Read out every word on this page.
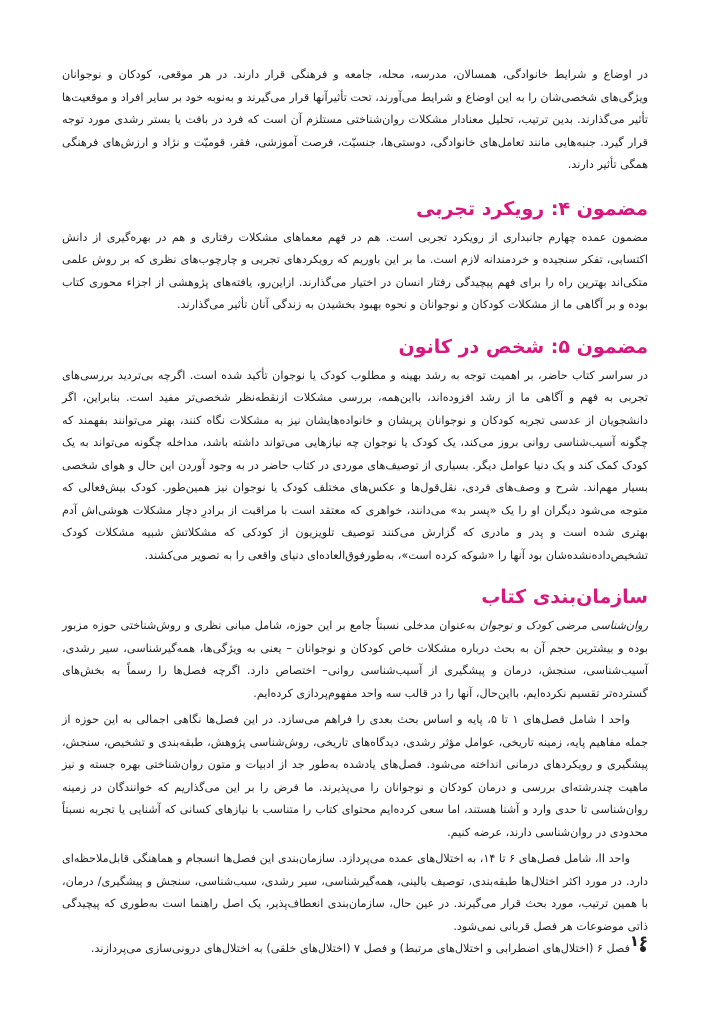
در اوضاع و شرایط خانوادگی، همسالان، مدرسه، محله، جامعه و فرهنگی قرار دارند. در هر موقعی، کودکان و نوجوانان ویژگی‌های شخصی‌شان را به این اوضاع و شرایط می‌آورند، تحت تأثیرآنها قرار می‌گیرند و به‌نوبه خود بر سایر افراد و موقعیت‌ها تأثیر می‌گذارند. بدین ترتیب، تحلیل معنادار مشکلات روان‌شناختی مستلزم آن است که فرد در بافت یا بستر رشدی مورد توجه قرار گیرد. جنبه‌هایی مانند تعامل‌های خانوادگی، دوستی‌ها، جنسیّت، فرصت آموزشی، فقر، قومیّت و نژاد و ارزش‌های فرهنگی همگی تأثیر دارند.

مضمون ۴: رویکرد تجربی

مضمون عمده چهارم جانبداری از رویکرد تجربی است. هم در فهم معماهای مشکلات رفتاری و هم در بهره‌گیری از دانش اکتسابی، تفکر سنجیده و خردمندانه لازم است. ما بر این باوریم که رویکردهای تجربی و چارچوب‌های نظری که بر روش علمی متکی‌اند بهترین راه را برای فهم پیچیدگی رفتار انسان در اختیار می‌گذارند. ازاین‌رو، یافته‌های پژوهشی از اجزاء محوری کتاب بوده و بر آگاهی ما از مشکلات کودکان و نوجوانان و نحوه بهبود بخشیدن به زندگی آنان تأثیر می‌گذارند.

مضمون ۵: شخص در کانون

در سراسر کتاب حاضر، بر اهمیت توجه به رشد بهینه و مطلوب کودک یا نوجوان تأکید شده است. اگرچه بی‌تردید بررسی‌های تجربی به فهم و آگاهی ما از رشد افزوده‌اند، بااین‌همه، بررسی مشکلات ازنقطه‌نظر شخصی‌تر مفید است. بنابراین، اگر دانشجویان از عدسی تجربه کودکان و نوجوانان پریشان و خانواده‌هایشان نیز به مشکلات نگاه کنند، بهتر می‌توانند بفهمند که چگونه آسیب‌شناسی روانی بروز می‌کند، یک کودک یا نوجوان چه نیازهایی می‌تواند داشته باشد، مداخله چگونه می‌تواند به یک کودک کمک کند و یک دنیا عوامل دیگر. بسیاری از توصیف‌های موردی در کتاب حاضر در به وجود آوردن این حال و هوای شخصی بسیار مهم‌اند. شرح و وصف‌های فردی، نقل‌قول‌ها و عکس‌های مختلف کودک یا نوجوان نیز همین‌طور. کودک بیش‌فعالی که متوجه می‌شود دیگران او را یک «پسر بد» می‌دانند، خواهری که معتقد است با مراقبت از برادرِ دچار مشکلات هوشی‌اش آدم بهتری شده است و پدر و مادری که گزارش می‌کنند توصیف تلویزیون از کودکی که مشکلاتش شبیه مشکلات کودک تشخیص‌داده‌نشده‌شان بود آنها را «شوکه کرده است»، به‌طورفوق‌العاده‌ای دنیای واقعی را به تصویر می‌کشند.

سازمان‌بندی کتاب

روان‌شناسی مرضی کودک و نوجوان به‌عنوان مدخلی نسبتاً جامع بر این حوزه، شامل مبانی نظری و روش‌شناختی حوزه مزبور بوده و بیشترین حجم آن به بحث درباره مشکلات خاص کودکان و نوجوانان – یعنی به ویژگی‌ها، همه‌گیرشناسی، سیر رشدی، آسیب‌شناسی، سنجش، درمان و پیشگیری از آسیب‌شناسی روانی– اختصاص دارد. اگرچه فصل‌ها را رسماً به بخش‌های گسترده‌تر تقسیم نکرده‌ایم، بااین‌حال، آنها را در قالب سه واحد مفهوم‌پردازی کرده‌ایم.

واحد I شامل فصل‌های ۱ تا ۵، پایه و اساس بحث بعدی را فراهم می‌سازد. در این فصل‌ها نگاهی اجمالی به این حوزه از جمله مفاهیم پایه، زمینه تاریخی، عوامل مؤثر رشدی، دیدگاه‌های تاریخی، روش‌شناسی پژوهش، طبقه‌بندی و تشخیص، سنجش، پیشگیری و رویکردهای درمانی انداخته می‌شود. فصل‌های یادشده به‌طور جد از ادبیات و متون روان‌شناختی بهره جسته و نیز ماهیت چندرشته‌ای بررسی و درمان کودکان و نوجوانان را می‌پذیرند. ما فرض را بر این می‌گذاریم که خوانندگان در زمینه روان‌شناسی تا حدی وارد و آشنا هستند، اما سعی کرده‌ایم محتوای کتاب را متناسب با نیازهای کسانی که آشنایی یا تجربه نسبتاً محدودی در روان‌شناسی دارند، عرضه کنیم.

واحد II، شامل فصل‌های ۶ تا ۱۴، به اختلال‌های عمده می‌پردازد. سازمان‌بندی این فصل‌ها انسجام و هماهنگی قابل‌ملاحظه‌ای دارد. در مورد اکثر اختلال‌ها طبقه‌بندی، توصیف بالینی، همه‌گیرشناسی، سیر رشدی، سبب‌شناسی، سنجش و پیشگیری/ درمان، با همین ترتیب، مورد بحث قرار می‌گیرند. در عین حال، سازمان‌بندی انعطاف‌پذیر، یک اصل راهنما است به‌طوری که پیچیدگی ذاتی موضوعات هر فصل قربانی نمی‌شود.

فصل ۶ (اختلال‌های اضطرابی و اختلال‌های مرتبط) و فصل ۷ (اختلال‌های خلقی) به اختلال‌های درونی‌سازی می‌پردازند. ۱۶
